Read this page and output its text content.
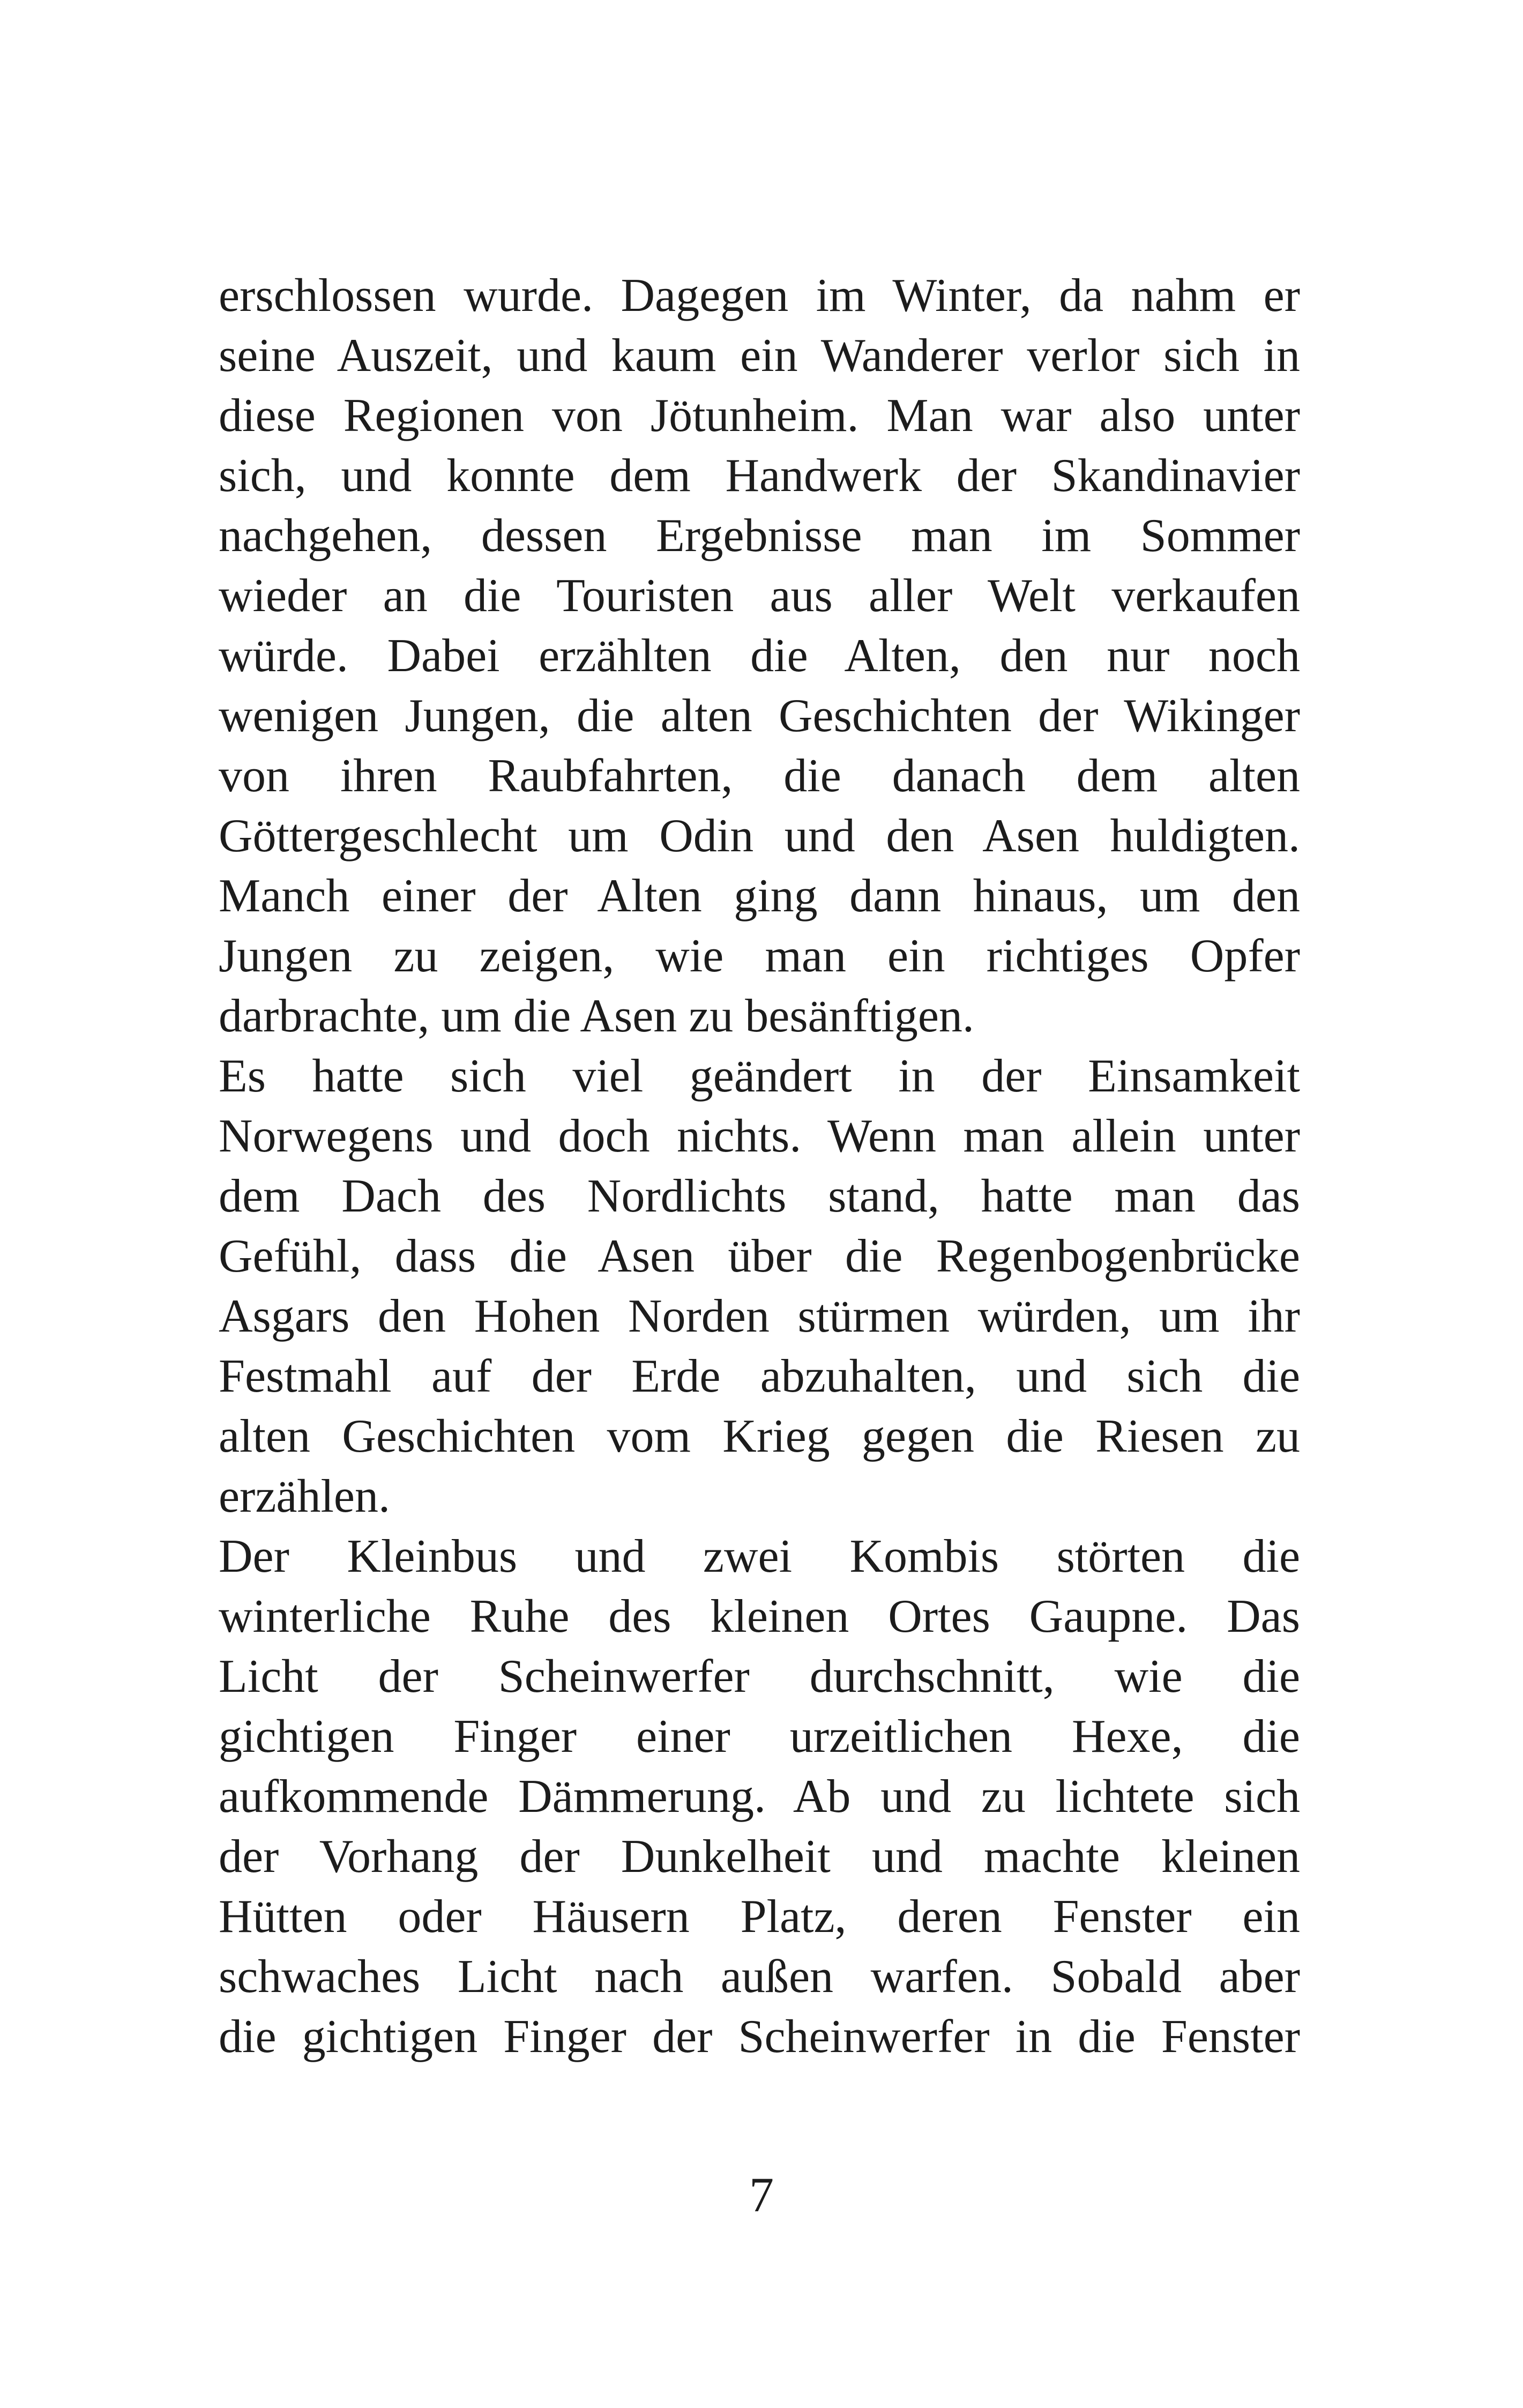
erschlossen wurde. Dagegen im Winter, da nahm er
seine Auszeit, und kaum ein Wanderer verlor sich in
diese Regionen von Jötunheim. Man war also unter
sich, und konnte dem Handwerk der Skandinavier
nachgehen, dessen Ergebnisse man im Sommer
wieder an die Touristen aus aller Welt verkaufen
würde. Dabei erzählten die Alten, den nur noch
wenigen Jungen, die alten Geschichten der Wikinger
von ihren Raubfahrten, die danach dem alten
Göttergeschlecht um Odin und den Asen huldigten.
Manch einer der Alten ging dann hinaus, um den
Jungen zu zeigen, wie man ein richtiges Opfer
darbrachte, um die Asen zu besänftigen.
Es hatte sich viel geändert in der Einsamkeit
Norwegens und doch nichts. Wenn man allein unter
dem Dach des Nordlichts stand, hatte man das
Gefühl, dass die Asen über die Regenbogenbrücke
Asgars den Hohen Norden stürmen würden, um ihr
Festmahl auf der Erde abzuhalten, und sich die
alten Geschichten vom Krieg gegen die Riesen zu
erzählen.
Der Kleinbus und zwei Kombis störten die
winterliche Ruhe des kleinen Ortes Gaupne. Das
Licht der Scheinwerfer durchschnitt, wie die
gichtigen Finger einer urzeitlichen Hexe, die
aufkommende Dämmerung. Ab und zu lichtete sich
der Vorhang der Dunkelheit und machte kleinen
Hütten oder Häusern Platz, deren Fenster ein
schwaches Licht nach außen warfen. Sobald aber
die gichtigen Finger der Scheinwerfer in die Fenster
7
